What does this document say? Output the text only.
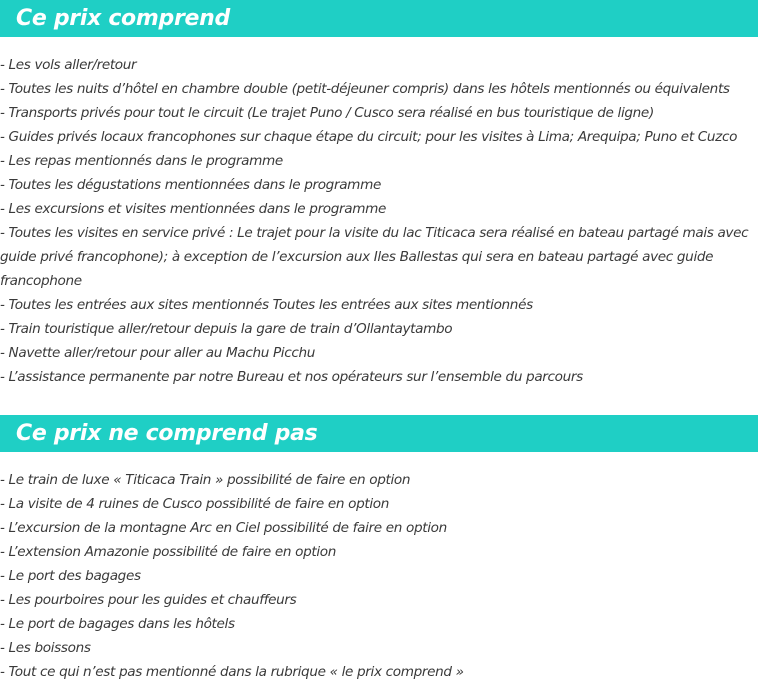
Ce prix comprend
- Les vols aller/retour
- Toutes les nuits d’hôtel en chambre double (petit-déjeuner compris) dans les hôtels mentionnés ou équivalents
- Transports privés pour tout le circuit (Le trajet Puno / Cusco sera réalisé en bus touristique de ligne)
- Guides privés locaux francophones sur chaque étape du circuit; pour les visites à Lima; Arequipa; Puno et Cuzco
- Les repas mentionnés dans le programme
- Toutes les dégustations mentionnées dans le programme
- Les excursions et visites mentionnées dans le programme
- Toutes les visites en service privé : Le trajet pour la visite du lac Titicaca sera réalisé en bateau partagé mais avec guide privé francophone); à exception de l’excursion aux Iles Ballestas qui sera en bateau partagé avec guide francophone
- Toutes les entrées aux sites mentionnés Toutes les entrées aux sites mentionnés
- Train touristique aller/retour depuis la gare de train d’Ollantaytambo
- Navette aller/retour pour aller au Machu Picchu
- L’assistance permanente par notre Bureau et nos opérateurs sur l’ensemble du parcours
Ce prix ne comprend pas
- Le train de luxe « Titicaca Train » possibilité de faire en option
- La visite de 4 ruines de Cusco possibilité de faire en option
- L’excursion de la montagne Arc en Ciel possibilité de faire en option
- L’extension Amazonie possibilité de faire en option
- Le port des bagages
- Les pourboires pour les guides et chauffeurs
- Le port de bagages dans les hôtels
- Les boissons
- Tout ce qui n’est pas mentionné dans la rubrique « le prix comprend »
